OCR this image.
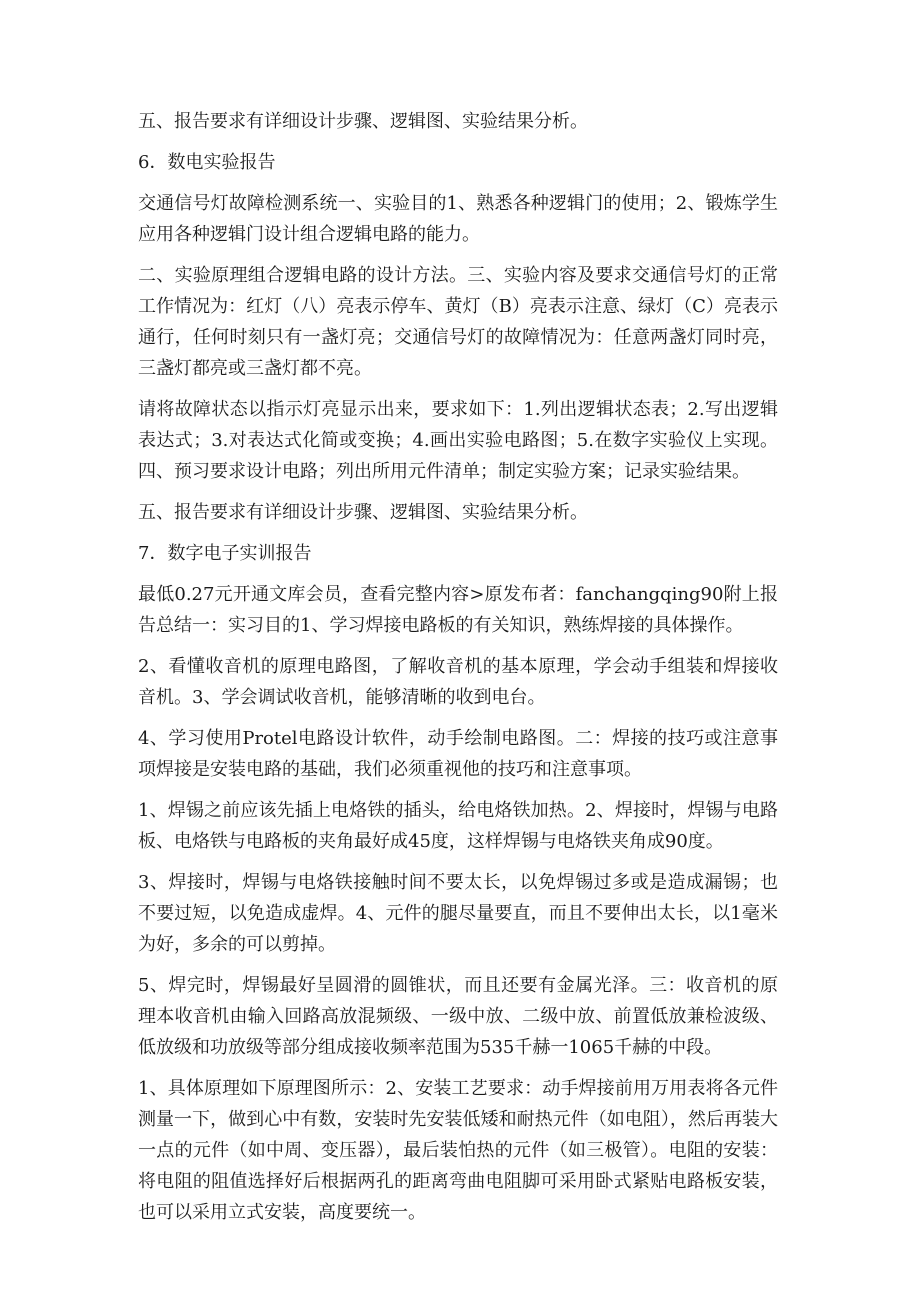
五、报告要求有详细设计步骤、逻辑图、实验结果分析。

6．数电实验报告

交通信号灯故障检测系统一、实验目的1、熟悉各种逻辑门的使用；2、锻炼学生应用各种逻辑门设计组合逻辑电路的能力。

二、实验原理组合逻辑电路的设计方法。三、实验内容及要求交通信号灯的正常工作情况为：红灯（八）亮表示停车、黄灯（B）亮表示注意、绿灯（C）亮表示通行，任何时刻只有一盏灯亮；交通信号灯的故障情况为：任意两盏灯同时亮，三盏灯都亮或三盏灯都不亮。

请将故障状态以指示灯亮显示出来，要求如下：1.列出逻辑状态表；2.写出逻辑表达式；3.对表达式化简或变换；4.画出实验电路图；5.在数字实验仪上实现。四、预习要求设计电路；列出所用元件清单；制定实验方案；记录实验结果。

五、报告要求有详细设计步骤、逻辑图、实验结果分析。

7．数字电子实训报告

最低0.27元开通文库会员，查看完整内容>原发布者：fanchangqing90附上报告总结一：实习目的1、学习焊接电路板的有关知识，熟练焊接的具体操作。

2、看懂收音机的原理电路图，了解收音机的基本原理，学会动手组装和焊接收音机。3、学会调试收音机，能够清晰的收到电台。

4、学习使用Protel电路设计软件，动手绘制电路图。二：焊接的技巧或注意事项焊接是安装电路的基础，我们必须重视他的技巧和注意事项。

1、焊锡之前应该先插上电烙铁的插头，给电烙铁加热。2、焊接时，焊锡与电路板、电烙铁与电路板的夹角最好成45度，这样焊锡与电烙铁夹角成90度。

3、焊接时，焊锡与电烙铁接触时间不要太长，以免焊锡过多或是造成漏锡；也不要过短，以免造成虚焊。4、元件的腿尽量要直，而且不要伸出太长，以1毫米为好，多余的可以剪掉。

5、焊完时，焊锡最好呈圆滑的圆锥状，而且还要有金属光泽。三：收音机的原理本收音机由输入回路高放混频级、一级中放、二级中放、前置低放兼检波级、低放级和功放级等部分组成接收频率范围为535千赫一1065千赫的中段。

1、具体原理如下原理图所示：2、安装工艺要求：动手焊接前用万用表将各元件测量一下，做到心中有数，安装时先安装低矮和耐热元件（如电阻），然后再装大一点的元件（如中周、变压器），最后装怕热的元件（如三极管）。电阻的安装：将电阻的阻值选择好后根据两孔的距离弯曲电阻脚可采用卧式紧贴电路板安装，也可以采用立式安装，高度要统一。
